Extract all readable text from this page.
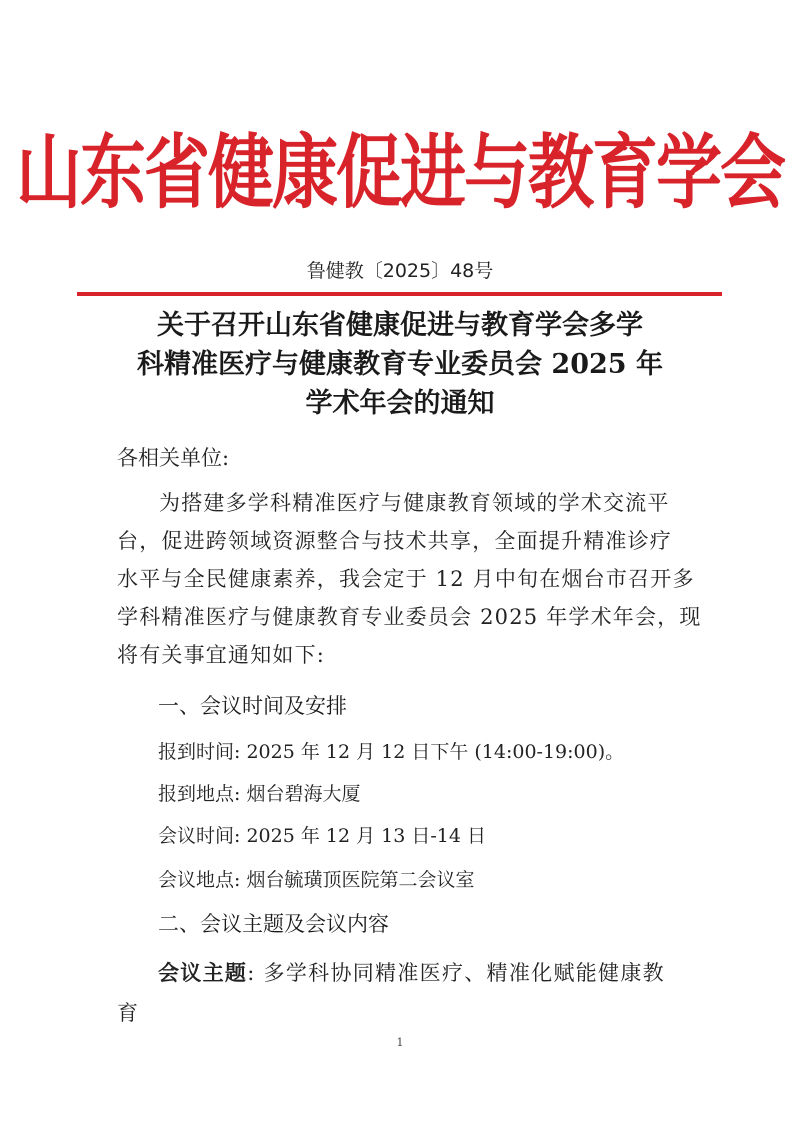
山东省健康促进与教育学会
鲁健教〔2025〕48号
关于召开山东省健康促进与教育学会多学
科精准医疗与健康教育专业委员会 2025 年
学术年会的通知
各相关单位:
为搭建多学科精准医疗与健康教育领域的学术交流平
台，促进跨领域资源整合与技术共享，全面提升精准诊疗
水平与全民健康素养，我会定于 12 月中旬在烟台市召开多
学科精准医疗与健康教育专业委员会 2025 年学术年会，现
将有关事宜通知如下:
一、会议时间及安排
报到时间: 2025 年 12 月 12 日下午 (14:00-19:00)。
报到地点: 烟台碧海大厦
会议时间: 2025 年 12 月 13 日-14 日
会议地点: 烟台毓璜顶医院第二会议室
二、会议主题及会议内容
会议主题: 多学科协同精准医疗、精准化赋能健康教
育
1
